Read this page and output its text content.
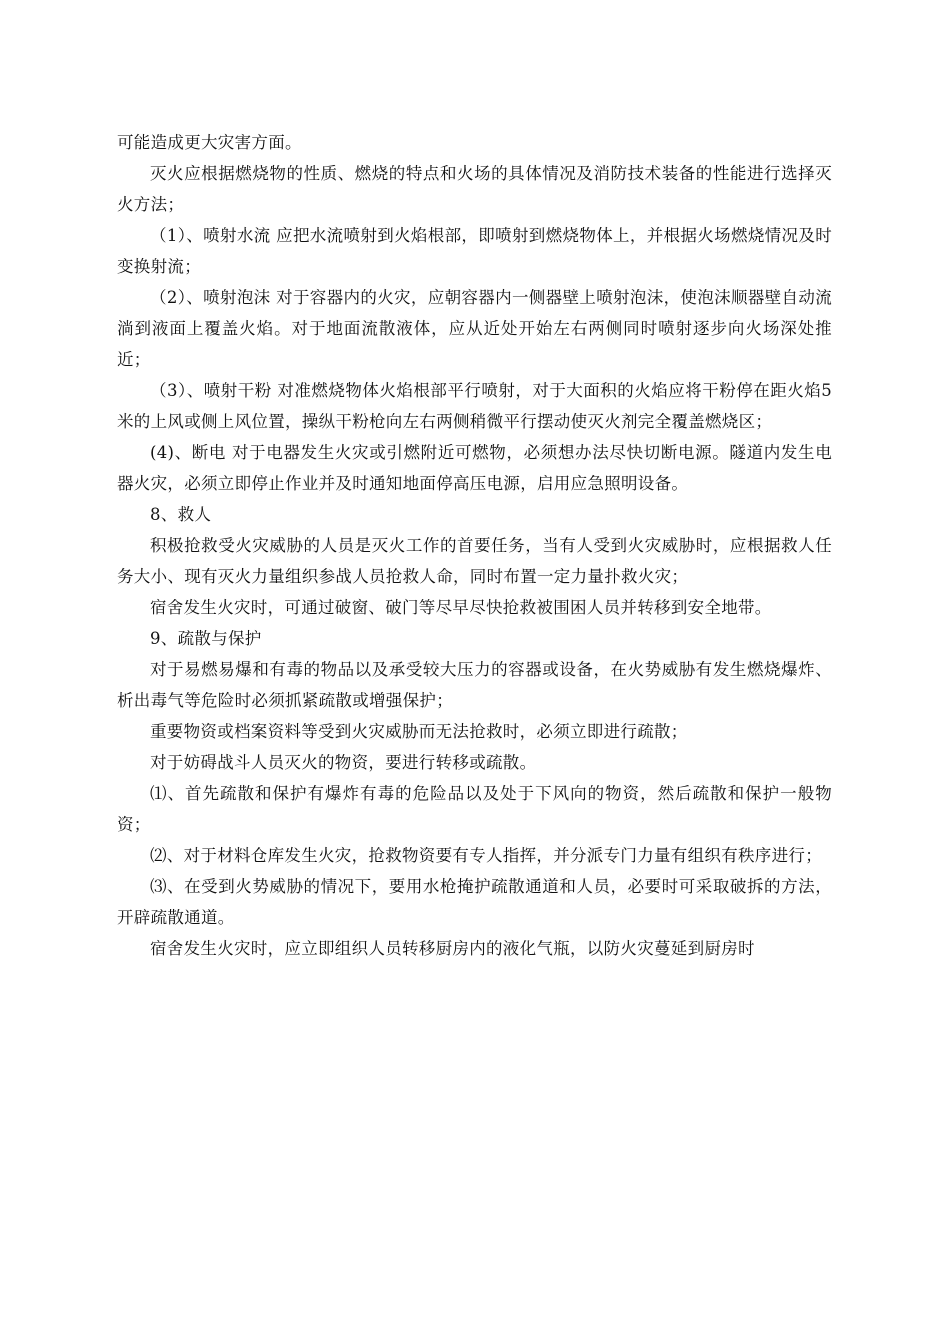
可能造成更大灾害方面。

灭火应根据燃烧物的性质、燃烧的特点和火场的具体情况及消防技术装备的性能进行选择灭火方法；

（1）、喷射水流 应把水流喷射到火焰根部，即喷射到燃烧物体上，并根据火场燃烧情况及时变换射流；

（2）、喷射泡沫 对于容器内的火灾，应朝容器内一侧器壁上喷射泡沫，使泡沫顺器壁自动流淌到液面上覆盖火焰。对于地面流散液体，应从近处开始左右两侧同时喷射逐步向火场深处推近；

（3）、喷射干粉 对准燃烧物体火焰根部平行喷射，对于大面积的火焰应将干粉停在距火焰5米的上风或侧上风位置，操纵干粉枪向左右两侧稍微平行摆动使灭火剂完全覆盖燃烧区；

(4)、断电 对于电器发生火灾或引燃附近可燃物，必须想办法尽快切断电源。隧道内发生电器火灾，必须立即停止作业并及时通知地面停高压电源，启用应急照明设备。

8、救人

积极抢救受火灾威胁的人员是灭火工作的首要任务，当有人受到火灾威胁时，应根据救人任务大小、现有灭火力量组织参战人员抢救人命，同时布置一定力量扑救火灾；

宿舍发生火灾时，可通过破窗、破门等尽早尽快抢救被围困人员并转移到安全地带。

9、疏散与保护

对于易燃易爆和有毒的物品以及承受较大压力的容器或设备，在火势威胁有发生燃烧爆炸、析出毒气等危险时必须抓紧疏散或增强保护；

重要物资或档案资料等受到火灾威胁而无法抢救时，必须立即进行疏散；

对于妨碍战斗人员灭火的物资，要进行转移或疏散。

⑴、首先疏散和保护有爆炸有毒的危险品以及处于下风向的物资，然后疏散和保护一般物资；

⑵、对于材料仓库发生火灾，抢救物资要有专人指挥，并分派专门力量有组织有秩序进行；

⑶、在受到火势威胁的情况下，要用水枪掩护疏散通道和人员，必要时可采取破拆的方法，开辟疏散通道。

宿舍发生火灾时，应立即组织人员转移厨房内的液化气瓶，以防火灾蔓延到厨房时
